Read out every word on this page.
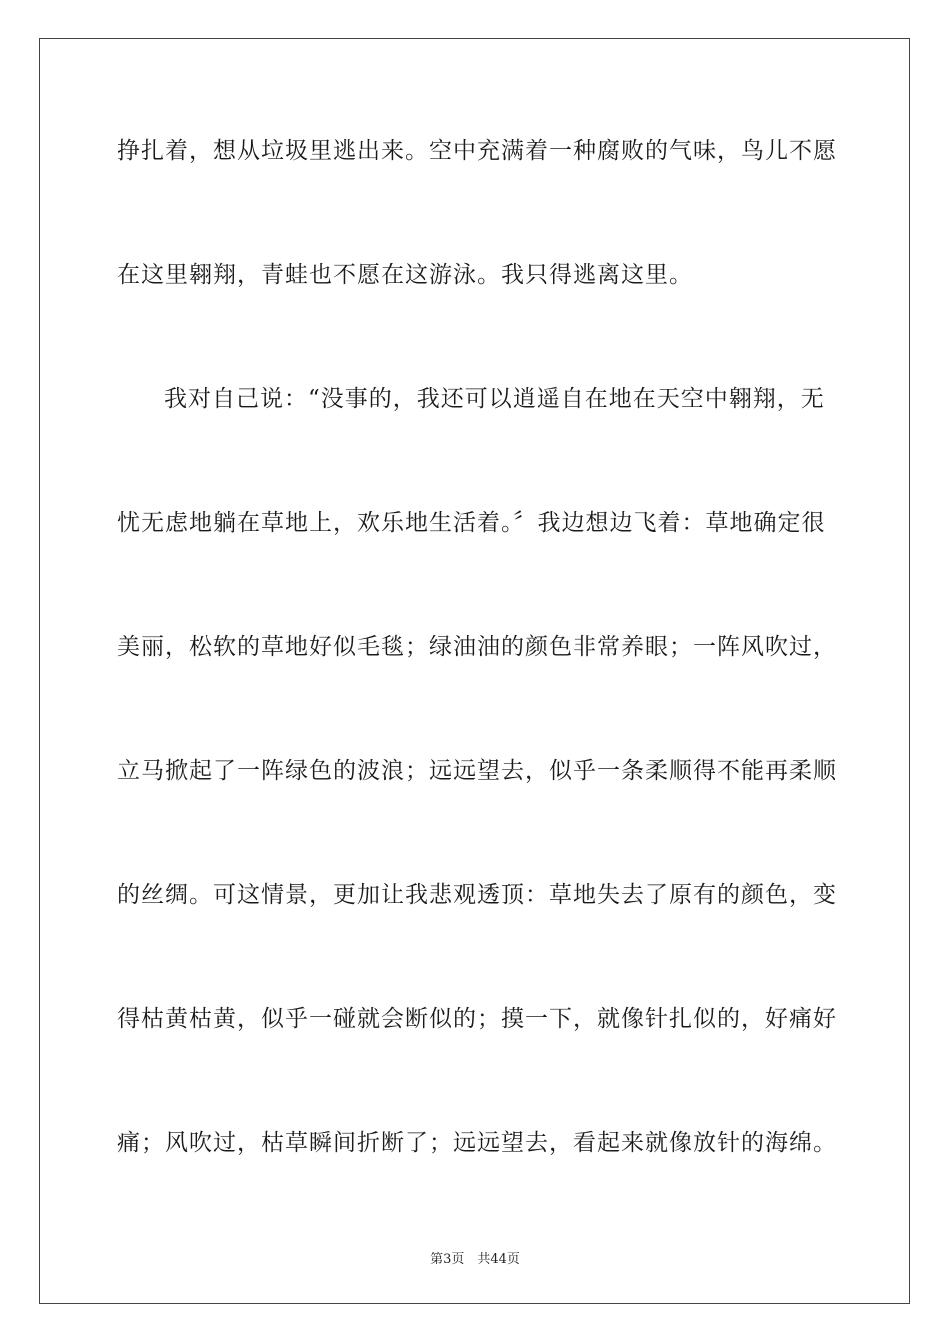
挣扎着，想从垃圾里逃出来。空中充满着一种腐败的气味，鸟儿不愿
在这里翱翔，青蛙也不愿在这游泳。我只得逃离这里。
我对自己说：“没事的，我还可以逍遥自在地在天空中翱翔，无
忧无虑地躺在草地上，欢乐地生活着。〞我边想边飞着：草地确定很
美丽，松软的草地好似毛毯；绿油油的颜色非常养眼；一阵风吹过，
立马掀起了一阵绿色的波浪；远远望去，似乎一条柔顺得不能再柔顺
的丝绸。可这情景，更加让我悲观透顶：草地失去了原有的颜色，变
得枯黄枯黄，似乎一碰就会断似的；摸一下，就像针扎似的，好痛好
痛；风吹过，枯草瞬间折断了；远远望去，看起来就像放针的海绵。
第3页　共44页
